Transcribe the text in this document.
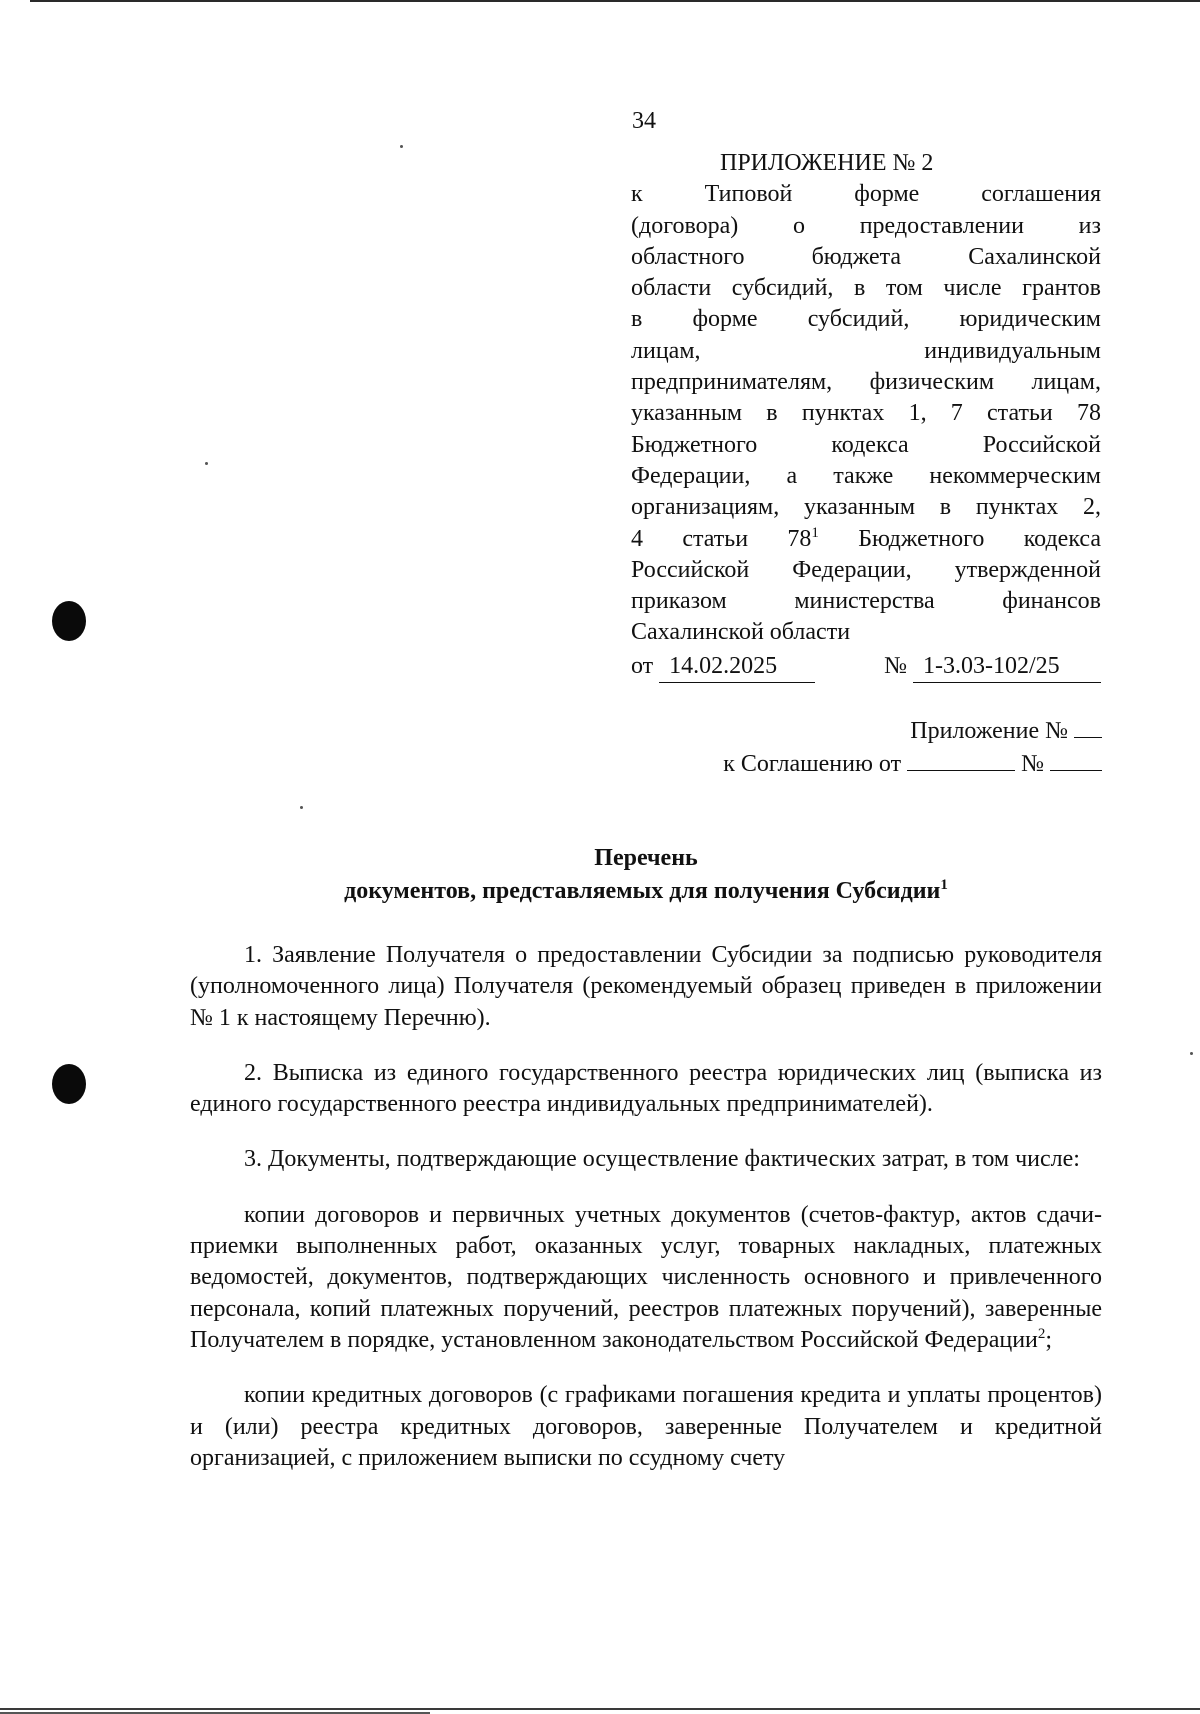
34
ПРИЛОЖЕНИЕ № 2
к Типовой форме соглашения
(договора) о предоставлении из
областного бюджета Сахалинской
области субсидий, в том числе грантов
в форме субсидий, юридическим
лицам, индивидуальным
предпринимателям, физическим лицам,
указанным в пунктах 1, 7 статьи 78
Бюджетного кодекса Российской
Федерации, а также некоммерческим
организациям, указанным в пунктах 2,
4 статьи $78^1$ Бюджетного кодекса
Российской Федерации, утвержденной
приказом министерства финансов
Сахалинской области
от 14.02.2025	№ 1-3.03-102/25
Приложение №
к Соглашению от	№
Перечень
документов, представляемых для получения Субсидии$^1$

1. Заявление Получателя о предоставлении Субсидии за подписью руководителя (уполномоченного лица) Получателя (рекомендуемый образец приведен в приложении № 1 к настоящему Перечню).

2. Выписка из единого государственного реестра юридических лиц (выписка из единого государственного реестра индивидуальных предпринимателей).

3. Документы, подтверждающие осуществление фактических затрат, в том числе:

копии договоров и первичных учетных документов (счетов-фактур, актов сдачи-приемки выполненных работ, оказанных услуг, товарных накладных, платежных ведомостей, документов, подтверждающих численность основного и привлеченного персонала, копий платежных поручений, реестров платежных поручений), заверенные Получателем в порядке, установленном законодательством Российской Федерации$^2$;

копии кредитных договоров (с графиками погашения кредита и уплаты процентов) и (или) реестра кредитных договоров, заверенные Получателем и кредитной организацией, с приложением выписки по ссудному счету
